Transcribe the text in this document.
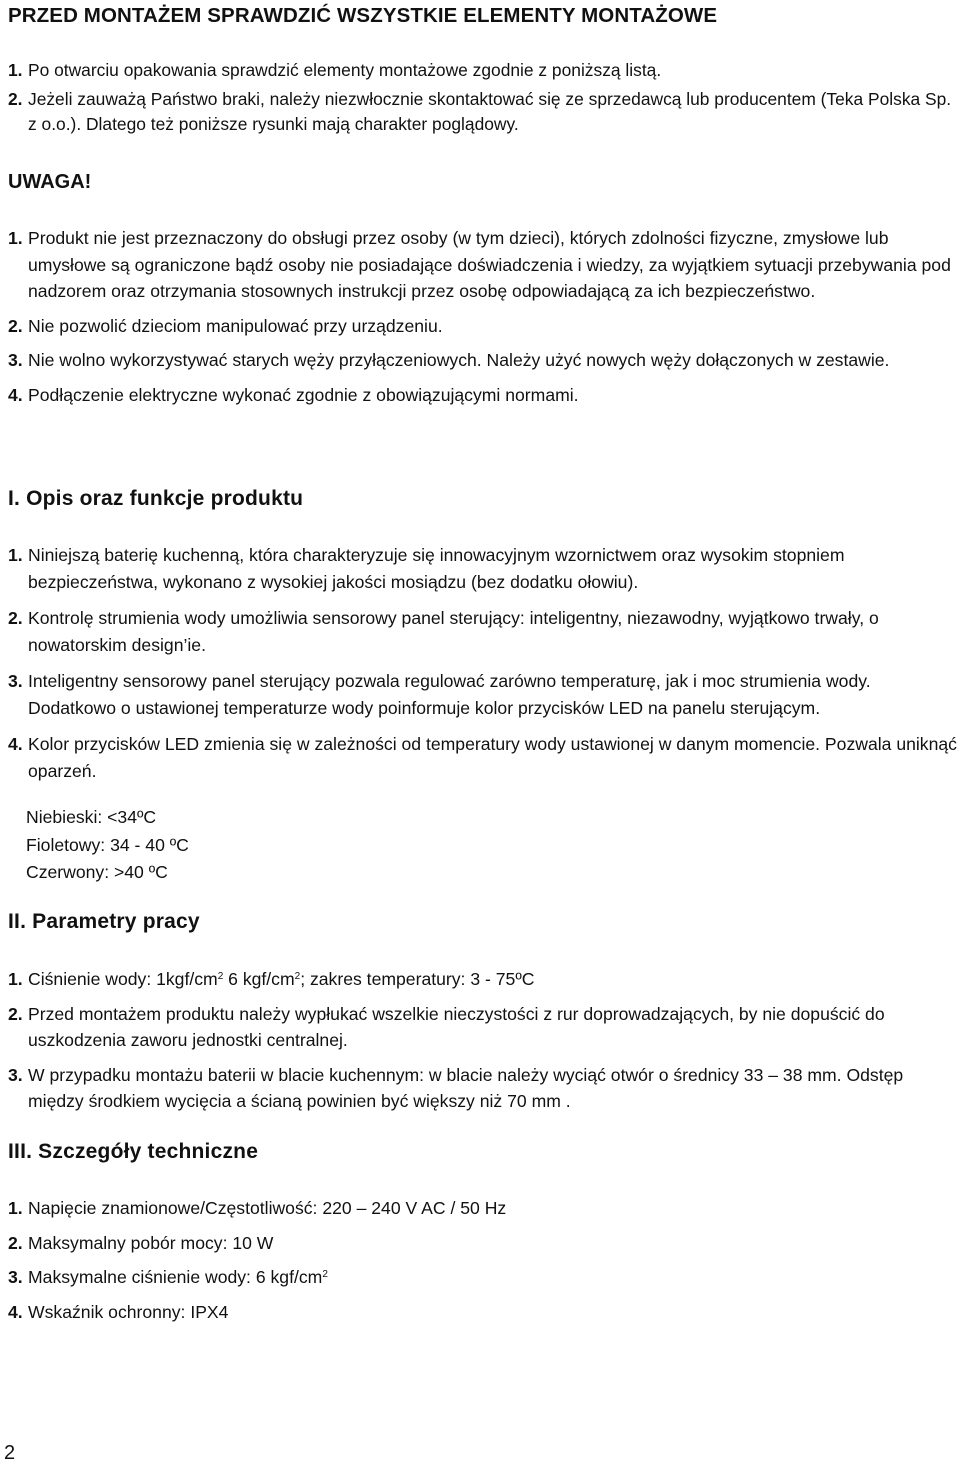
PRZED MONTAŻEM SPRAWDZIĆ WSZYSTKIE ELEMENTY MONTAŻOWE
1. Po otwarciu opakowania sprawdzić elementy montażowe zgodnie z poniższą listą.
2. Jeżeli zauważą Państwo braki, należy niezwłocznie skontaktować się ze sprzedawcą lub producentem (Teka Polska Sp. z o.o.). Dlatego też poniższe rysunki mają charakter poglądowy.
UWAGA!
1. Produkt nie jest przeznaczony do obsługi przez osoby (w tym dzieci), których zdolności fizyczne, zmysłowe lub umysłowe są ograniczone bądź osoby nie posiadające doświadczenia i wiedzy, za wyjątkiem sytuacji przebywania pod nadzorem oraz otrzymania stosownych instrukcji przez osobę odpowiadającą za ich bezpieczeństwo.
2. Nie pozwolić dzieciom manipulować przy urządzeniu.
3. Nie wolno wykorzystywać starych węży przyłączeniowych. Należy użyć nowych węży dołączonych w zestawie.
4. Podłączenie elektryczne wykonać zgodnie z obowiązującymi normami.
I. Opis oraz funkcje produktu
1. Niniejszą baterię kuchenną, która charakteryzuje się innowacyjnym wzornictwem oraz wysokim stopniem bezpieczeństwa, wykonano z wysokiej jakości mosiądzu (bez dodatku ołowiu).
2. Kontrolę strumienia wody umożliwia sensorowy panel sterujący: inteligentny, niezawodny, wyjątkowo trwały, o nowatorskim design’ie.
3. Inteligentny sensorowy panel sterujący pozwala regulować zarówno temperaturę, jak i moc strumienia wody. Dodatkowo o ustawionej temperaturze wody poinformuje kolor przycisków LED na panelu sterującym.
4. Kolor przycisków LED zmienia się w zależności od temperatury wody ustawionej w danym momencie. Pozwala uniknąć oparzeń.
Niebieski: <34ºC
Fioletowy: 34 - 40 ºC
Czerwony: >40 ºC
II. Parametry pracy
1. Ciśnienie wody: $1kgf/cm^2$ 6 kgf/$cm^2$; zakres temperatury: 3 - 75ºC
2. Przed montażem produktu należy wypłukać wszelkie nieczystości z rur doprowadzających, by nie dopuścić do uszkodzenia zaworu jednostki centralnej.
3. W przypadku montażu baterii w blacie kuchennym: w blacie należy wyciąć otwór o średnicy 33 – 38 mm. Odstęp między środkiem wycięcia a ścianą powinien być większy niż 70 mm .
III. Szczegóły techniczne
1. Napięcie znamionowe/Częstotliwość: 220 – 240 V AC / 50 Hz
2. Maksymalny pobór mocy: 10 W
3. Maksymalne ciśnienie wody: 6 kgf/$cm^2$
4. Wskaźnik ochronny: IPX4
2
